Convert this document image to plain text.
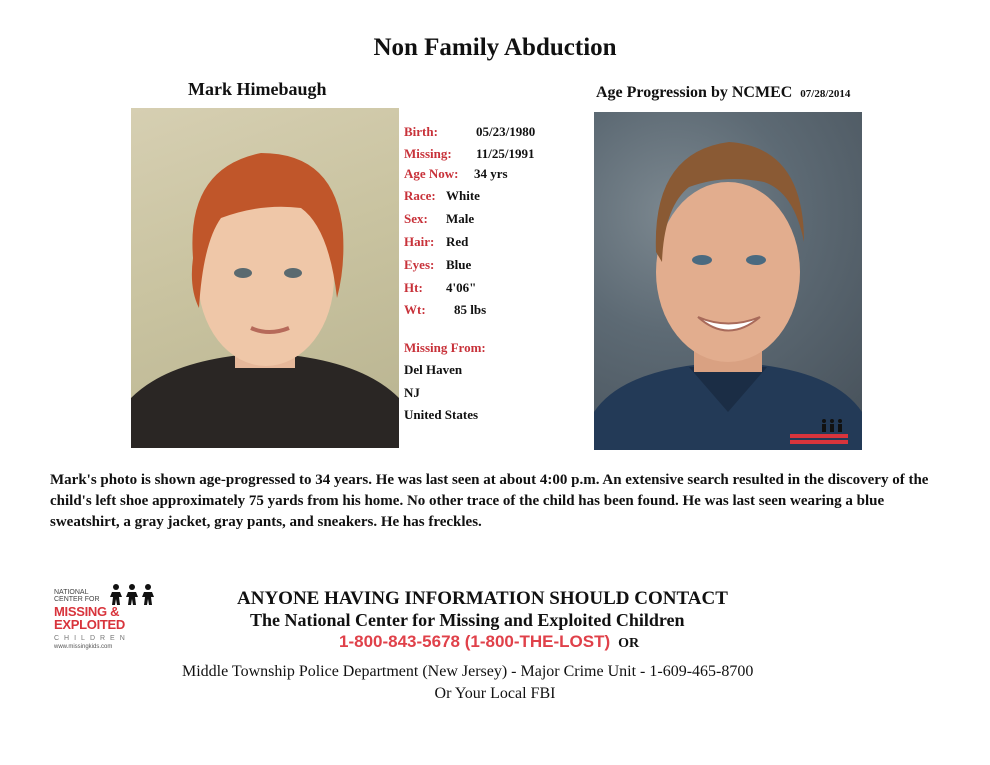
Non Family Abduction
Mark Himebaugh	Age Progression by NCMEC 07/28/2014
Birth:	05/23/1980
Missing: 11/25/1991
Age Now: 34 yrs
Race: White
Sex: Male
Hair: Red
Eyes: Blue
Ht: 4'06"
Wt: 85 lbs
Missing From:
Del Haven
NJ
United States
Mark's photo is shown age-progressed to 34 years. He was last seen at about 4:00 p.m. An extensive search resulted in the discovery of the child's left shoe approximately 75 yards from his home. No other trace of the child has been found. He was last seen wearing a blue sweatshirt, a gray jacket, gray pants, and sneakers. He has freckles.
NATIONAL
CENTER FOR
MISSING &
EXPLOITED
CHILDREN
www.missingkids.com
ANYONE HAVING INFORMATION SHOULD CONTACT
The National Center for Missing and Exploited Children
1-800-843-5678 (1-800-THE-LOST) OR
Middle Township Police Department (New Jersey) - Major Crime Unit - 1-609-465-8700
Or Your Local FBI
